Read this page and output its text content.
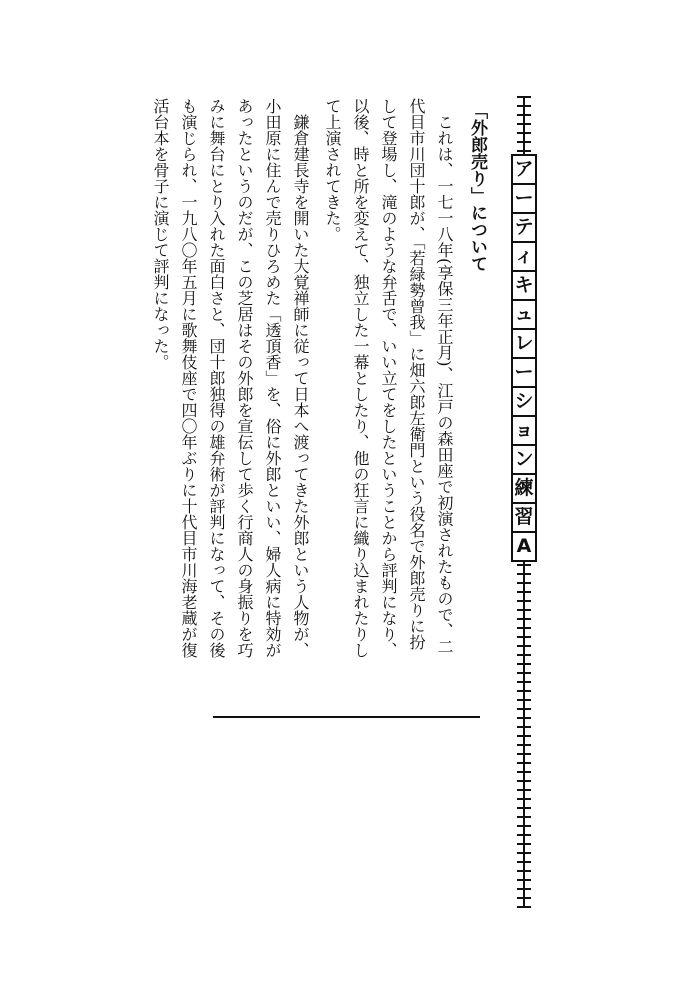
ア
ー
テ
ィ
キ
ュ
レ
ー
シ
ョ
ン
練
習
A
「外郎売り」について

これは、一七一八年(享保三年正月)、江戸の森田座で初演されたもので、二代目市川団十郎が、「若緑勢曾我」に畑六郎左衛門という役名で外郎売りに扮して登場し、滝のような弁舌で、いい立てをしたということから評判になり、以後、時と所を変えて、独立した一幕としたり、他の狂言に織り込まれたりして上演されてきた。

鎌倉建長寺を開いた大覚禅師に従って日本へ渡ってきた外郎という人物が、小田原に住んで売りひろめた「透頂香」を、俗に外郎といい、婦人病に特効があったというのだが、この芝居はその外郎を宣伝して歩く行商人の身振りを巧みに舞台にとり入れた面白さと、団十郎独得の雄弁術が評判になって、その後も演じられ、一九八〇年五月に歌舞伎座で四〇年ぶりに十代目市川海老蔵が復活台本を骨子に演じて評判になった。
